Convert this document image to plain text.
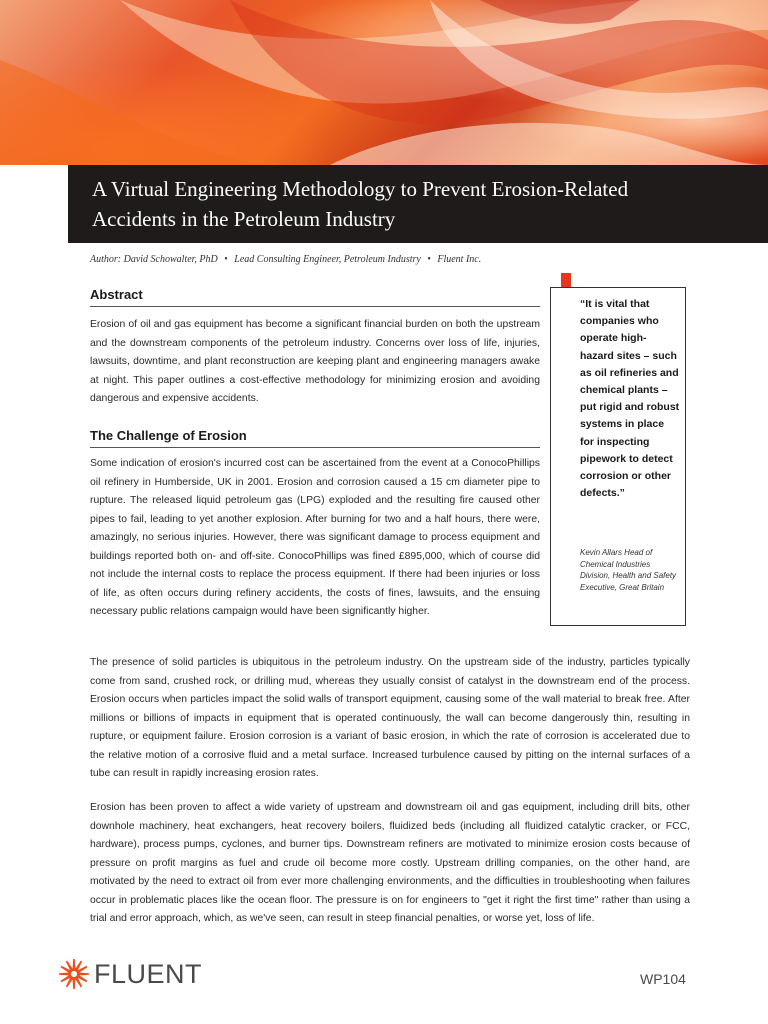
A Virtual Engineering Methodology to Prevent Erosion-Related
Accidents in the Petroleum Industry
Author: David Schowalter, PhD • Lead Consulting Engineer, Petroleum Industry • Fluent Inc.
Abstract

Erosion of oil and gas equipment has become a significant financial burden on both the upstream and the downstream components of the petroleum industry. Concerns over loss of life, injuries, lawsuits, downtime, and plant reconstruction are keeping plant and engineering managers awake at night. This paper outlines a cost-effective methodology for minimizing erosion and avoiding dangerous and expensive accidents.

The Challenge of Erosion

Some indication of erosion's incurred cost can be ascertained from the event at a ConocoPhillips oil refinery in Humberside, UK in 2001. Erosion and corrosion caused a 15 cm diameter pipe to rupture. The released liquid petroleum gas (LPG) exploded and the resulting fire caused other pipes to fail, leading to yet another explosion. After burning for two and a half hours, there were, amazingly, no serious injuries. However, there was significant damage to process equipment and buildings reported both on- and off-site. ConocoPhillips was fined £895,000, which of course did not include the internal costs to replace the process equipment. If there had been injuries or loss of life, as often occurs during refinery accidents, the costs of fines, lawsuits, and the ensuing necessary public relations campaign would have been significantly higher.

“It is vital that companies who operate high-hazard sites – such as oil refineries and chemical plants – put rigid and robust systems in place for inspecting pipework to detect corrosion or other defects.”

Kevin Allars Head of Chemical Industries Division, Health and Safety Executive, Great Britain

The presence of solid particles is ubiquitous in the petroleum industry. On the upstream side of the industry, particles typically come from sand, crushed rock, or drilling mud, whereas they usually consist of catalyst in the downstream end of the process. Erosion occurs when particles impact the solid walls of transport equipment, causing some of the wall material to break free. After millions or billions of impacts in equipment that is operated continuously, the wall can become dangerously thin, resulting in rupture, or equipment failure. Erosion corrosion is a variant of basic erosion, in which the rate of corrosion is accelerated due to the relative motion of a corrosive fluid and a metal surface. Increased turbulence caused by pitting on the internal surfaces of a tube can result in rapidly increasing erosion rates.

Erosion has been proven to affect a wide variety of upstream and downstream oil and gas equipment, including drill bits, other downhole machinery, heat exchangers, heat recovery boilers, fluidized beds (including all fluidized catalytic cracker, or FCC, hardware), process pumps, cyclones, and burner tips. Downstream refiners are motivated to minimize erosion costs because of pressure on profit margins as fuel and crude oil become more costly. Upstream drilling companies, on the other hand, are motivated by the need to extract oil from ever more challenging environments, and the difficulties in troubleshooting when failures occur in problematic places like the ocean floor. The pressure is on for engineers to "get it right the first time" rather than using a trial and error approach, which, as we've seen, can result in steep financial penalties, or worse yet, loss of life.

FLUENT	WP104
